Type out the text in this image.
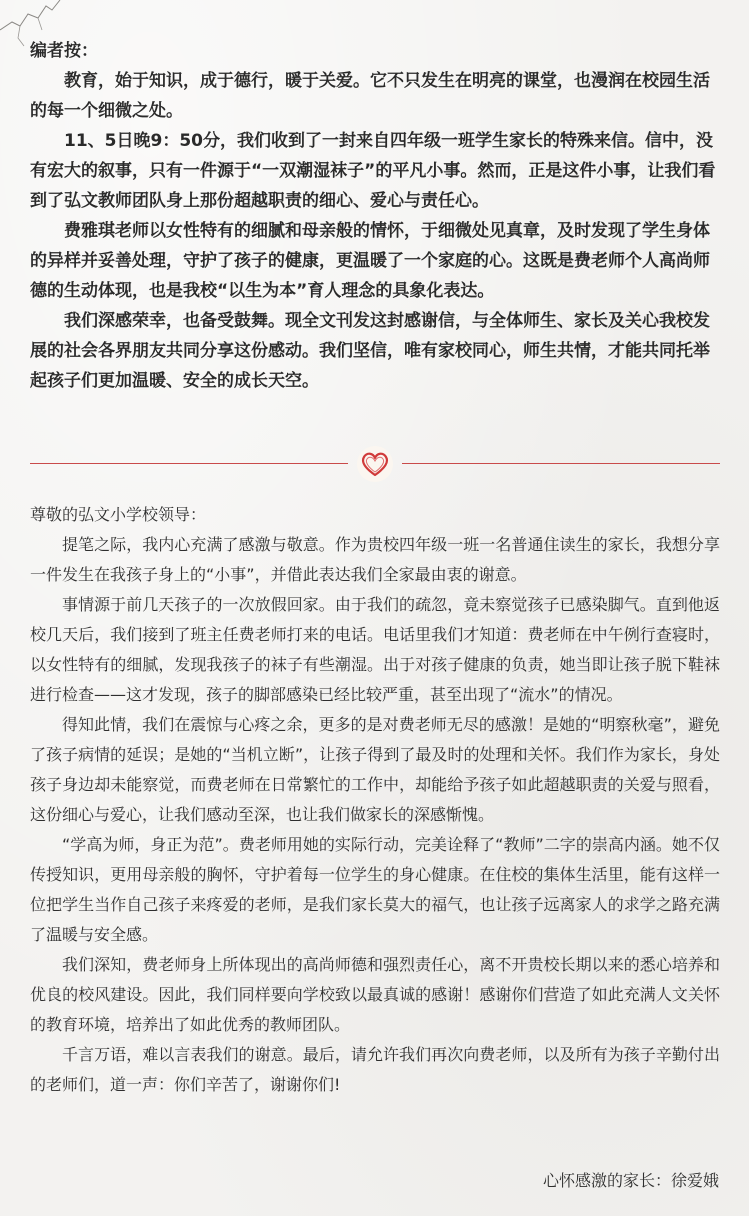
编者按：

教育，始于知识，成于德行，暖于关爱。它不只发生在明亮的课堂，也漫润在校园生活的每一个细微之处。

11、5日晚9：50分，我们收到了一封来自四年级一班学生家长的特殊来信。信中，没有宏大的叙事，只有一件源于“一双潮湿袜子”的平凡小事。然而，正是这件小事，让我们看到了弘文教师团队身上那份超越职责的细心、爱心与责任心。

费雅琪老师以女性特有的细腻和母亲般的情怀，于细微处见真章，及时发现了学生身体的异样并妥善处理，守护了孩子的健康，更温暖了一个家庭的心。这既是费老师个人高尚师德的生动体现，也是我校“以生为本”育人理念的具象化表达。

我们深感荣幸，也备受鼓舞。现全文刊发这封感谢信，与全体师生、家长及关心我校发展的社会各界朋友共同分享这份感动。我们坚信，唯有家校同心，师生共情，才能共同托举起孩子们更加温暖、安全的成长天空。

尊敬的弘文小学校领导：

提笔之际，我内心充满了感激与敬意。作为贵校四年级一班一名普通住读生的家长，我想分享一件发生在我孩子身上的“小事”，并借此表达我们全家最由衷的谢意。

事情源于前几天孩子的一次放假回家。由于我们的疏忽，竟未察觉孩子已感染脚气。直到他返校几天后，我们接到了班主任费老师打来的电话。电话里我们才知道：费老师在中午例行查寝时，以女性特有的细腻，发现我孩子的袜子有些潮湿。出于对孩子健康的负责，她当即让孩子脱下鞋袜进行检查——这才发现，孩子的脚部感染已经比较严重，甚至出现了“流水”的情况。

得知此情，我们在震惊与心疼之余，更多的是对费老师无尽的感激！是她的“明察秋毫”，避免了孩子病情的延误；是她的“当机立断”，让孩子得到了最及时的处理和关怀。我们作为家长，身处孩子身边却未能察觉，而费老师在日常繁忙的工作中，却能给予孩子如此超越职责的关爱与照看，这份细心与爱心，让我们感动至深，也让我们做家长的深感惭愧。

“学高为师，身正为范”。费老师用她的实际行动，完美诠释了“教师”二字的崇高内涵。她不仅传授知识，更用母亲般的胸怀，守护着每一位学生的身心健康。在住校的集体生活里，能有这样一位把学生当作自己孩子来疼爱的老师，是我们家长莫大的福气，也让孩子远离家人的求学之路充满了温暖与安全感。

我们深知，费老师身上所体现出的高尚师德和强烈责任心，离不开贵校长期以来的悉心培养和优良的校风建设。因此，我们同样要向学校致以最真诚的感谢！感谢你们营造了如此充满人文关怀的教育环境，培养出了如此优秀的教师团队。

千言万语，难以言表我们的谢意。最后，请允许我们再次向费老师，以及所有为孩子辛勤付出的老师们，道一声：你们辛苦了，谢谢你们!

心怀感激的家长：徐爱娥
